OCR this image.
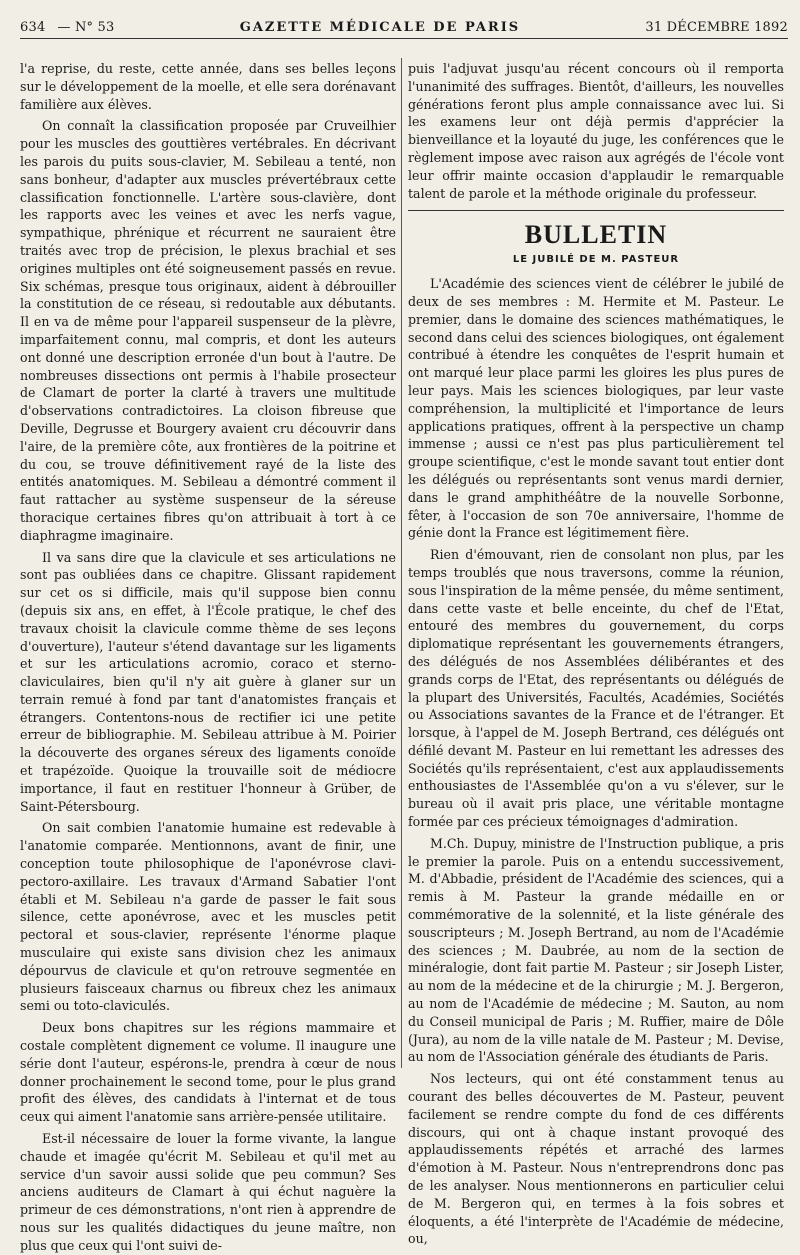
634 — N° 53	GAZETTE MÉDICALE DE PARIS	31 DÉCEMBRE 1892

l'a reprise, du reste, cette année, dans ses belles leçons sur le développement de la moelle, et elle sera dorénavant familière aux élèves.

On connaît la classification proposée par Cruveilhier pour les muscles des gouttières vertébrales. En décrivant les parois du puits sous-clavier, M. Sebileau a tenté, non sans bonheur, d'adapter aux muscles prévertébraux cette classification fonctionnelle. L'artère sous-clavière, dont les rapports avec les veines et avec les nerfs vague, sympathique, phrénique et récurrent ne sauraient être traités avec trop de précision, le plexus brachial et ses origines multiples ont été soigneusement passés en revue. Six schémas, presque tous originaux, aident à débrouiller la constitution de ce réseau, si redoutable aux débutants. Il en va de même pour l'appareil suspenseur de la plèvre, imparfaitement connu, mal compris, et dont les auteurs ont donné une description erronée d'un bout à l'autre. De nombreuses dissections ont permis à l'habile prosecteur de Clamart de porter la clarté à travers une multitude d'observations contradictoires. La cloison fibreuse que Deville, Degrusse et Bourgery avaient cru découvrir dans l'aire, de la première côte, aux frontières de la poitrine et du cou, se trouve définitivement rayé de la liste des entités anatomiques. M. Sebileau a démontré comment il faut rattacher au système suspenseur de la séreuse thoracique certaines fibres qu'on attribuait à tort à ce diaphragme imaginaire.

Il va sans dire que la clavicule et ses articulations ne sont pas oubliées dans ce chapitre. Glissant rapidement sur cet os si difficile, mais qu'il suppose bien connu (depuis six ans, en effet, à l'École pratique, le chef des travaux choisit la clavicule comme thème de ses leçons d'ouverture), l'auteur s'étend davantage sur les ligaments et sur les articulations acromio, coraco et sterno-claviculaires, bien qu'il n'y ait guère à glaner sur un terrain remué à fond par tant d'anatomistes français et étrangers. Contentons-nous de rectifier ici une petite erreur de bibliographie. M. Sebileau attribue à M. Poirier la découverte des organes séreux des ligaments conoïde et trapézoïde. Quoique la trouvaille soit de médiocre importance, il faut en restituer l'honneur à Grüber, de Saint-Pétersbourg.

On sait combien l'anatomie humaine est redevable à l'anatomie comparée. Mentionnons, avant de finir, une conception toute philosophique de l'aponévrose clavi-pectoro-axillaire. Les travaux d'Armand Sabatier l'ont établi et M. Sebileau n'a garde de passer le fait sous silence, cette aponévrose, avec et les muscles petit pectoral et sous-clavier, représente l'énorme plaque musculaire qui existe sans division chez les animaux dépourvus de clavicule et qu'on retrouve segmentée en plusieurs faisceaux charnus ou fibreux chez les animaux semi ou toto-claviculés.

Deux bons chapitres sur les régions mammaire et costale complètent dignement ce volume. Il inaugure une série dont l'auteur, espérons-le, prendra à cœur de nous donner prochainement le second tome, pour le plus grand profit des élèves, des candidats à l'internat et de tous ceux qui aiment l'anatomie sans arrière-pensée utilitaire.

Est-il nécessaire de louer la forme vivante, la langue chaude et imagée qu'écrit M. Sebileau et qu'il met au service d'un savoir aussi solide que peu commun? Ses anciens auditeurs de Clamart à qui échut naguère la primeur de ces démonstrations, n'ont rien à apprendre de nous sur les qualités didactiques du jeune maître, non plus que ceux qui l'ont suivi de-

puis l'adjuvat jusqu'au récent concours où il remporta l'unanimité des suffrages. Bientôt, d'ailleurs, les nouvelles générations feront plus ample connaissance avec lui. Si les examens leur ont déjà permis d'apprécier la bienveillance et la loyauté du juge, les conférences que le règlement impose avec raison aux agrégés de l'école vont leur offrir mainte occasion d'applaudir le remarquable talent de parole et la méthode originale du professeur.

BULLETIN
LE JUBILÉ DE M. PASTEUR

L'Académie des sciences vient de célébrer le jubilé de deux de ses membres : M. Hermite et M. Pasteur. Le premier, dans le domaine des sciences mathématiques, le second dans celui des sciences biologiques, ont également contribué à étendre les conquêtes de l'esprit humain et ont marqué leur place parmi les gloires les plus pures de leur pays. Mais les sciences biologiques, par leur vaste compréhension, la multiplicité et l'importance de leurs applications pratiques, offrent à la perspective un champ immense ; aussi ce n'est pas plus particulièrement tel groupe scientifique, c'est le monde savant tout entier dont les délégués ou représentants sont venus mardi dernier, dans le grand amphithéâtre de la nouvelle Sorbonne, fêter, à l'occasion de son 70e anniversaire, l'homme de génie dont la France est légitimement fière.

Rien d'émouvant, rien de consolant non plus, par les temps troublés que nous traversons, comme la réunion, sous l'inspiration de la même pensée, du même sentiment, dans cette vaste et belle enceinte, du chef de l'Etat, entouré des membres du gouvernement, du corps diplomatique représentant les gouvernements étrangers, des délégués de nos Assemblées délibérantes et des grands corps de l'Etat, des représentants ou délégués de la plupart des Universités, Facultés, Académies, Sociétés ou Associations savantes de la France et de l'étranger. Et lorsque, à l'appel de M. Joseph Bertrand, ces délégués ont défilé devant M. Pasteur en lui remettant les adresses des Sociétés qu'ils représentaient, c'est aux applaudissements enthousiastes de l'Assemblée qu'on a vu s'élever, sur le bureau où il avait pris place, une véritable montagne formée par ces précieux témoignages d'admiration.

M.Ch. Dupuy, ministre de l'Instruction publique, a pris le premier la parole. Puis on a entendu successivement, M. d'Abbadie, président de l'Académie des sciences, qui a remis à M. Pasteur la grande médaille en or commémorative de la solennité, et la liste générale des souscripteurs ; M. Joseph Bertrand, au nom de l'Académie des sciences ; M. Daubrée, au nom de la section de minéralogie, dont fait partie M. Pasteur ; sir Joseph Lister, au nom de la médecine et de la chirurgie ; M. J. Bergeron, au nom de l'Académie de médecine ; M. Sauton, au nom du Conseil municipal de Paris ; M. Ruffier, maire de Dôle (Jura), au nom de la ville natale de M. Pasteur ; M. Devise, au nom de l'Association générale des étudiants de Paris.

Nos lecteurs, qui ont été constamment tenus au courant des belles découvertes de M. Pasteur, peuvent facilement se rendre compte du fond de ces différents discours, qui ont à chaque instant provoqué des applaudissements répétés et arraché des larmes d'émotion à M. Pasteur. Nous n'entreprendrons donc pas de les analyser. Nous mentionnerons en particulier celui de M. Bergeron qui, en termes à la fois sobres et éloquents, a été l'interprète de l'Académie de médecine, ou,
